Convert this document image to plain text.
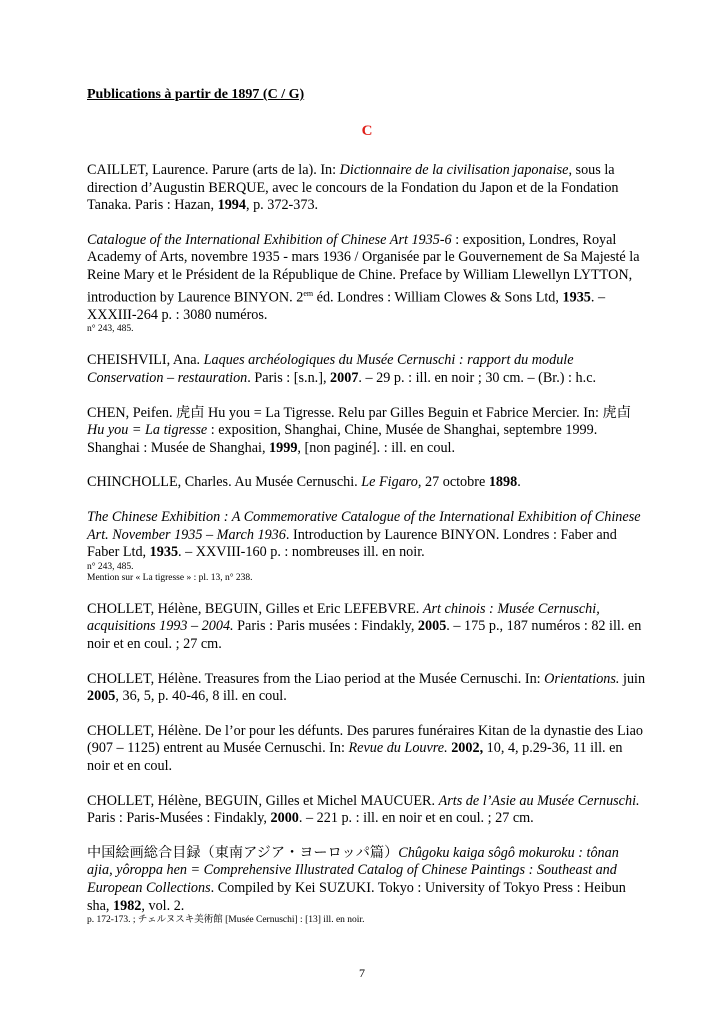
Publications à partir de 1897 (C / G)

C

CAILLET, Laurence. Parure (arts de la). In: Dictionnaire de la civilisation japonaise, sous la direction d’Augustin BERQUE, avec le concours de la Fondation du Japon et de la Fondation Tanaka. Paris : Hazan, 1994, p. 372-373.

Catalogue of the International Exhibition of Chinese Art 1935-6 : exposition, Londres, Royal Academy of Arts, novembre 1935 - mars 1936 / Organisée par le Gouvernement de Sa Majesté la Reine Mary et le Président de la République de Chine. Preface by William Llewellyn LYTTON, introduction by Laurence BINYON. $2^{em}$ éd. Londres : William Clowes & Sons Ltd, 1935. – XXXIII-264 p. : 3080 numéros.

n° 243, 485.

CHEISHVILI, Ana. Laques archéologiques du Musée Cernuschi : rapport du module Conservation – restauration. Paris : [s.n.], 2007. – 29 p. : ill. en noir ; 30 cm. – (Br.) : h.c.

CHEN, Peifen. 虎卣 Hu you = La Tigresse. Relu par Gilles Beguin et Fabrice Mercier. In: 虎卣 Hu you = La tigresse : exposition, Shanghai, Chine, Musée de Shanghai, septembre 1999. Shanghai : Musée de Shanghai, 1999, [non paginé]. : ill. en coul.

CHINCHOLLE, Charles. Au Musée Cernuschi. Le Figaro, 27 octobre 1898.

The Chinese Exhibition : A Commemorative Catalogue of the International Exhibition of Chinese Art. November 1935 – March 1936. Introduction by Laurence BINYON. Londres : Faber and Faber Ltd, 1935. – XXVIII-160 p. : nombreuses ill. en noir.

n° 243, 485.

Mention sur « La tigresse » : pl. 13, n° 238.

CHOLLET, Hélène, BEGUIN, Gilles et Eric LEFEBVRE. Art chinois : Musée Cernuschi, acquisitions 1993 – 2004. Paris : Paris musées : Findakly, 2005. – 175 p., 187 numéros : 82 ill. en noir et en coul. ; 27 cm.

CHOLLET, Hélène. Treasures from the Liao period at the Musée Cernuschi. In: Orientations. juin 2005, 36, 5, p. 40-46, 8 ill. en coul.

CHOLLET, Hélène. De l’or pour les défunts. Des parures funéraires Kitan de la dynastie des Liao (907 – 1125) entrent au Musée Cernuschi. In: Revue du Louvre. 2002, 10, 4, p.29-36, 11 ill. en noir et en coul.

CHOLLET, Hélène, BEGUIN, Gilles et Michel MAUCUER. Arts de l’Asie au Musée Cernuschi. Paris : Paris-Musées : Findakly, 2000. – 221 p. : ill. en noir et en coul. ; 27 cm.

中国絵画総合目録（東南アジア・ヨーロッパ篇）Chûgoku kaiga sôgô mokuroku : tônan ajia, yôroppa hen = Comprehensive Illustrated Catalog of Chinese Paintings : Southeast and European Collections. Compiled by Kei SUZUKI. Tokyo : University of Tokyo Press : Heibun sha, 1982, vol. 2.

p. 172-173. ; チェルヌスキ美術館 [Musée Cernuschi] : [13] ill. en noir.

7
